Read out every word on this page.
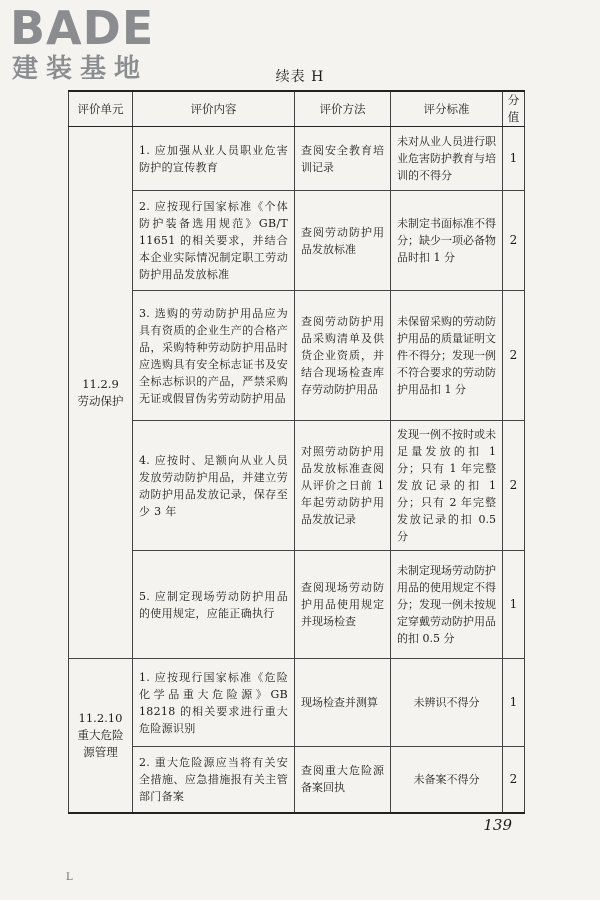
BADE
建装基地	续表 H
评价单元	评价内容	评价方法	评分标准	分值
11.2.9 劳动保护	1. 应加强从业人员职业危害防护的宣传教育	查阅安全教育培训记录	未对从业人员进行职业危害防护教育与培训的不得分	1
	2. 应按现行国家标准《个体防护装备选用规范》GB/T 11651 的相关要求，并结合本企业实际情况制定职工劳动防护用品发放标准	查阅劳动防护用品发放标准	未制定书面标准不得分；缺少一项必备物品时扣 1 分	2
	3. 选购的劳动防护用品应为具有资质的企业生产的合格产品，采购特种劳动防护用品时应选购具有安全标志证书及安全标志标识的产品，严禁采购无证或假冒伪劣劳动防护用品	查阅劳动防护用品采购清单及供货企业资质，并结合现场检查库存劳动防护用品	未保留采购的劳动防护用品的质量证明文件不得分；发现一例不符合要求的劳动防护用品扣 1 分	2
	4. 应按时、足额向从业人员发放劳动防护用品，并建立劳动防护用品发放记录，保存至少 3 年	对照劳动防护用品发放标准查阅从评价之日前 1 年起劳动防护用品发放记录	发现一例不按时或未足量发放的扣 1 分；只有 1 年完整发放记录的扣 1 分；只有 2 年完整发放记录的扣 0.5 分	2
	5. 应制定现场劳动防护用品的使用规定，应能正确执行	查阅现场劳动防护用品使用规定并现场检查	未制定现场劳动防护用品的使用规定不得分；发现一例未按规定穿戴劳动防护用品的扣 0.5 分	1
11.2.10 重大危险源管理	1. 应按现行国家标准《危险化学品重大危险源》GB 18218 的相关要求进行重大危险源识别	现场检查并测算	未辨识不得分	1
	2. 重大危险源应当将有关安全措施、应急措施报有关主管部门备案	查阅重大危险源备案回执	未备案不得分	2
139
L
